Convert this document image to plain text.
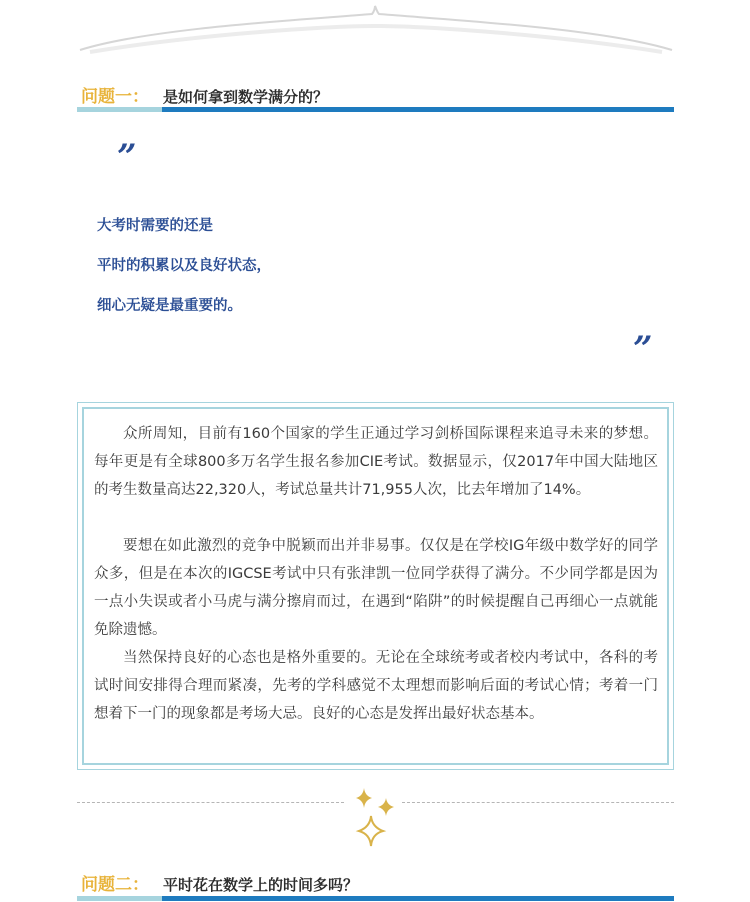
问题一： 是如何拿到数学满分的？
”
大考时需要的还是
平时的积累以及良好状态，
细心无疑是最重要的。
”
众所周知，目前有160个国家的学生正通过学习剑桥国际课程来追寻未来的梦想。每年更是有全球800多万名学生报名参加CIE考试。数据显示，仅2017年中国大陆地区的考生数量高达22,320人，考试总量共计71,955人次，比去年增加了14%。
要想在如此激烈的竞争中脱颖而出并非易事。仅仅是在学校IG年级中数学好的同学众多，但是在本次的IGCSE考试中只有张津凯一位同学获得了满分。不少同学都是因为一点小失误或者小马虎与满分擦肩而过，在遇到“陷阱”的时候提醒自己再细心一点就能免除遗憾。
当然保持良好的心态也是格外重要的。无论在全球统考或者校内考试中，各科的考试时间安排得合理而紧凑，先考的学科感觉不太理想而影响后面的考试心情；考着一门想着下一门的现象都是考场大忌。良好的心态是发挥出最好状态基本。
问题二： 平时花在数学上的时间多吗？
